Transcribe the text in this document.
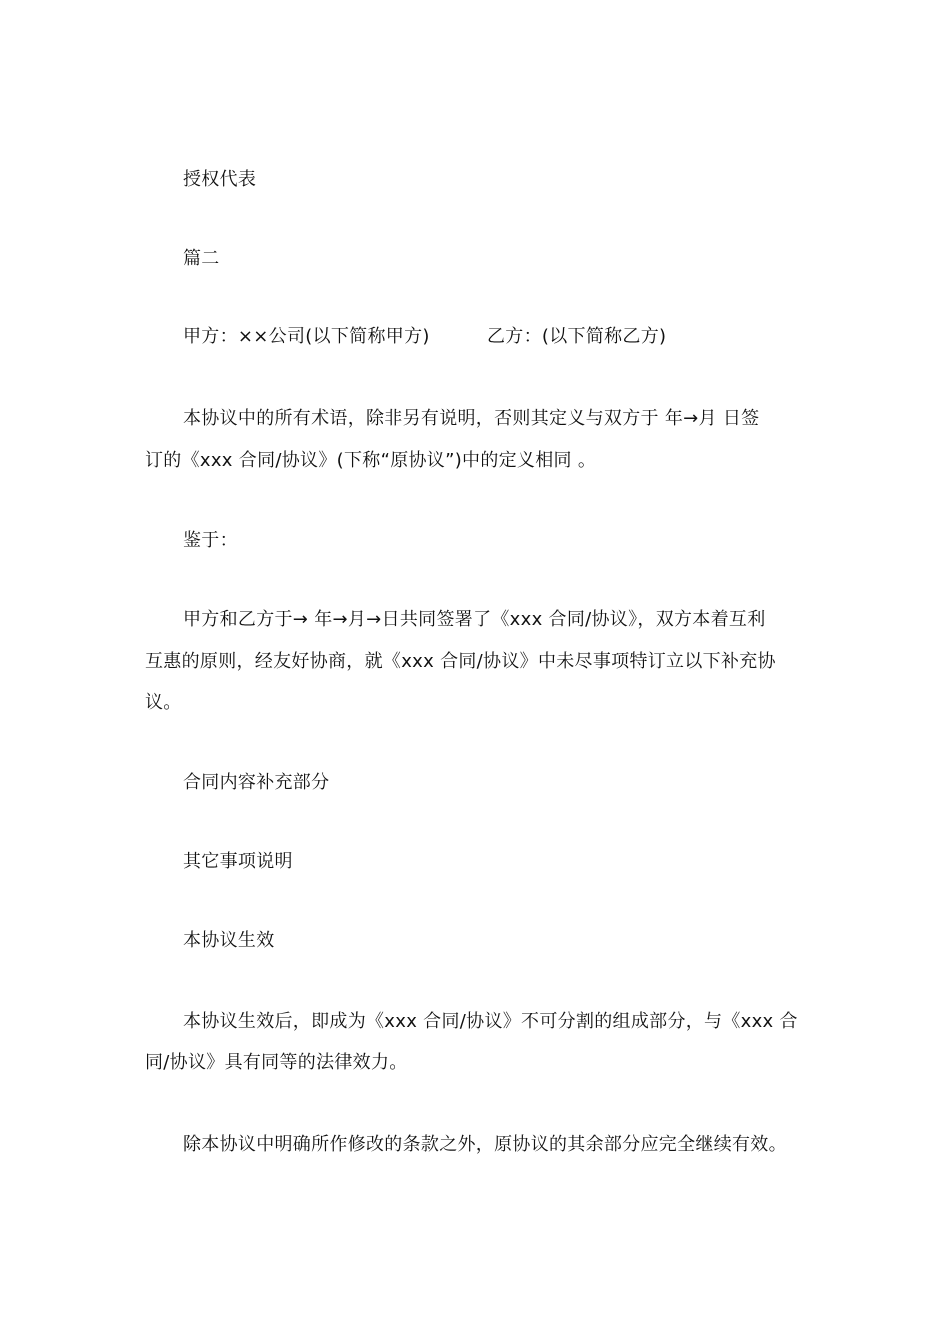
授权代表
篇二
甲方：××公司(以下简称甲方)	乙方：(以下简称乙方)
本协议中的所有术语，除非另有说明，否则其定义与双方于 年→月 日签
订的《xxx 合同/协议》(下称“原协议”)中的定义相同 。
鉴于：
甲方和乙方于→ 年→月→日共同签署了《xxx 合同/协议》，双方本着互利
互惠的原则，经友好协商，就《xxx 合同/协议》中未尽事项特订立以下补充协
议。
合同内容补充部分
其它事项说明
本协议生效
本协议生效后，即成为《xxx 合同/协议》不可分割的组成部分，与《xxx 合
同/协议》具有同等的法律效力。
除本协议中明确所作修改的条款之外，原协议的其余部分应完全继续有效。
